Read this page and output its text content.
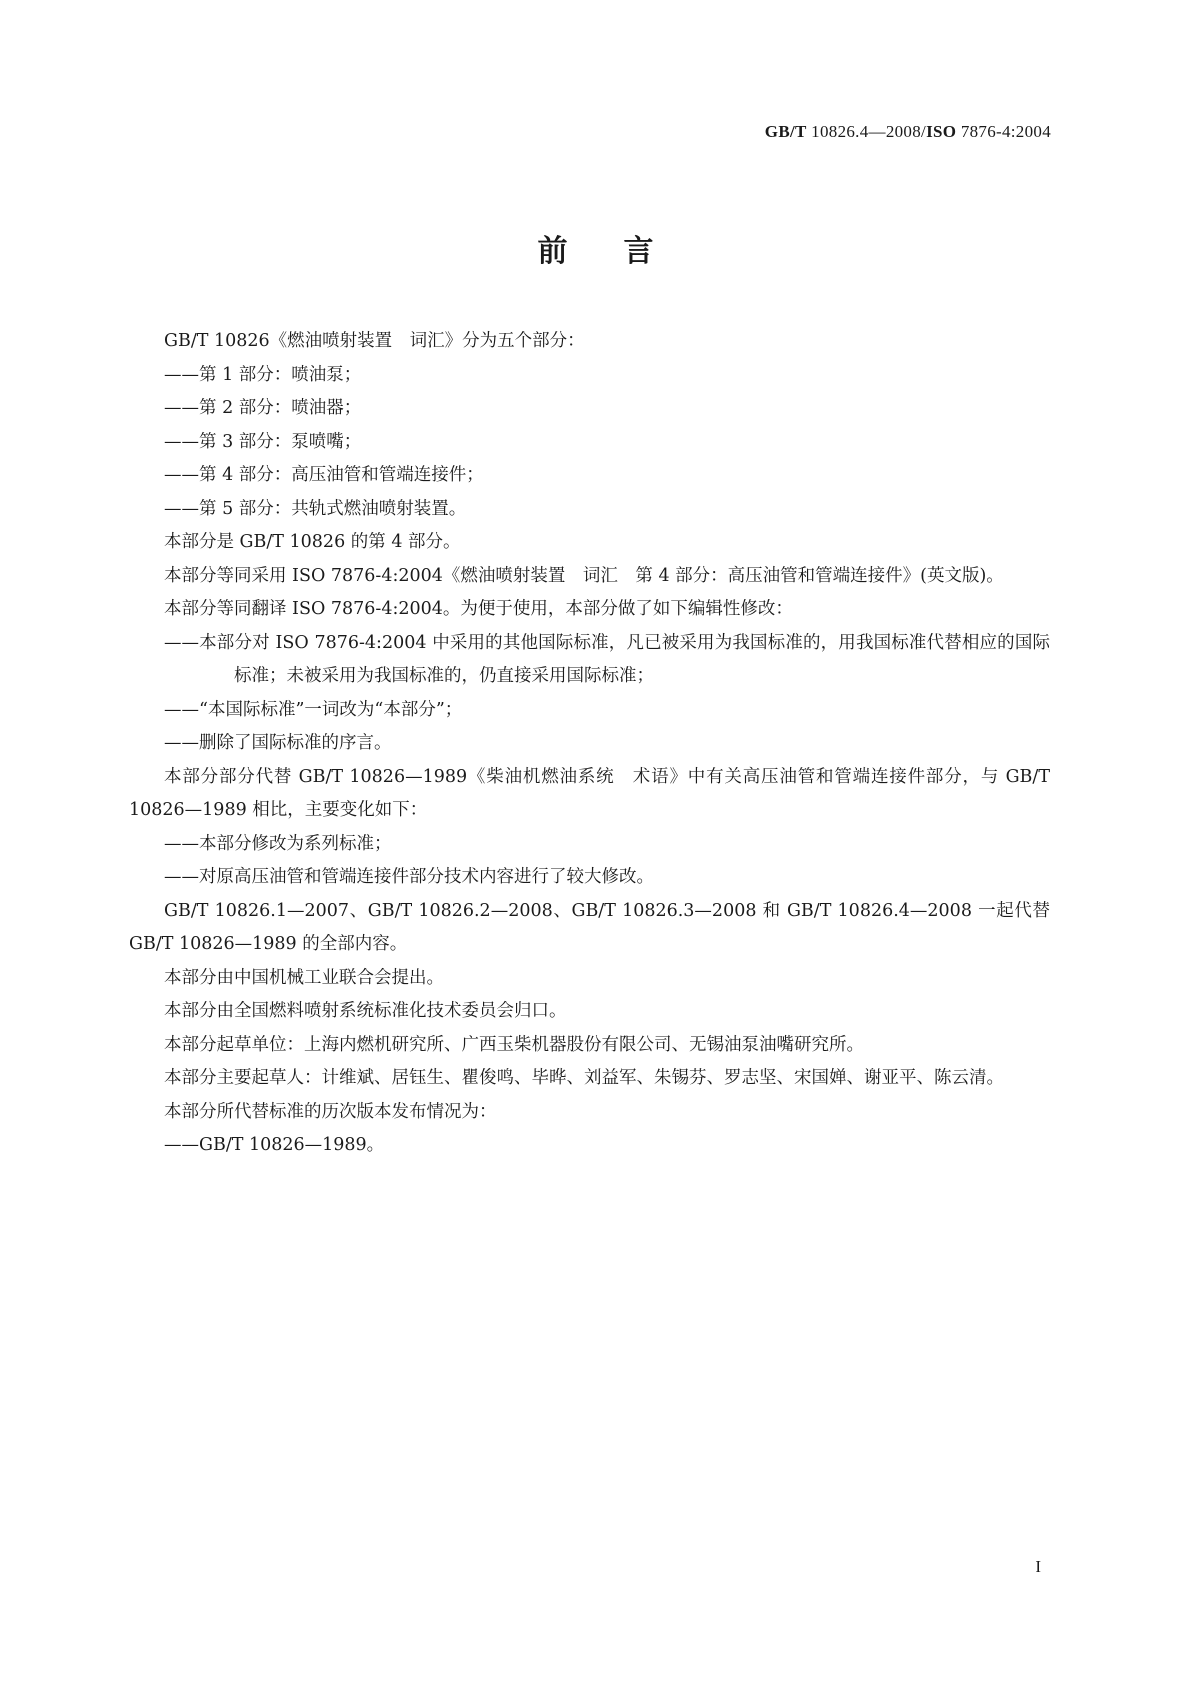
GB/T 10826.4—2008/ISO 7876-4:2004
前言

GB/T 10826《燃油喷射装置　词汇》分为五个部分：

——第 1 部分：喷油泵；

——第 2 部分：喷油器；

——第 3 部分：泵喷嘴；

——第 4 部分：高压油管和管端连接件；

——第 5 部分：共轨式燃油喷射装置。

本部分是 GB/T 10826 的第 4 部分。

本部分等同采用 ISO 7876-4:2004《燃油喷射装置　词汇　第 4 部分：高压油管和管端连接件》(英文版)。

本部分等同翻译 ISO 7876-4:2004。为便于使用，本部分做了如下编辑性修改：

——本部分对 ISO 7876-4:2004 中采用的其他国际标准，凡已被采用为我国标准的，用我国标准代替相应的国际标准；未被采用为我国标准的，仍直接采用国际标准；

——“本国际标准”一词改为“本部分”；

——删除了国际标准的序言。

本部分部分代替 GB/T 10826—1989《柴油机燃油系统　术语》中有关高压油管和管端连接件部分，与 GB/T 10826—1989 相比，主要变化如下：

——本部分修改为系列标准；

——对原高压油管和管端连接件部分技术内容进行了较大修改。

GB/T 10826.1—2007、GB/T 10826.2—2008、GB/T 10826.3—2008 和 GB/T 10826.4—2008 一起代替 GB/T 10826—1989 的全部内容。

本部分由中国机械工业联合会提出。

本部分由全国燃料喷射系统标准化技术委员会归口。

本部分起草单位：上海内燃机研究所、广西玉柴机器股份有限公司、无锡油泵油嘴研究所。

本部分主要起草人：计维斌、居钰生、瞿俊鸣、毕晔、刘益军、朱锡芬、罗志坚、宋国婵、谢亚平、陈云清。

本部分所代替标准的历次版本发布情况为：

——GB/T 10826—1989。

I
